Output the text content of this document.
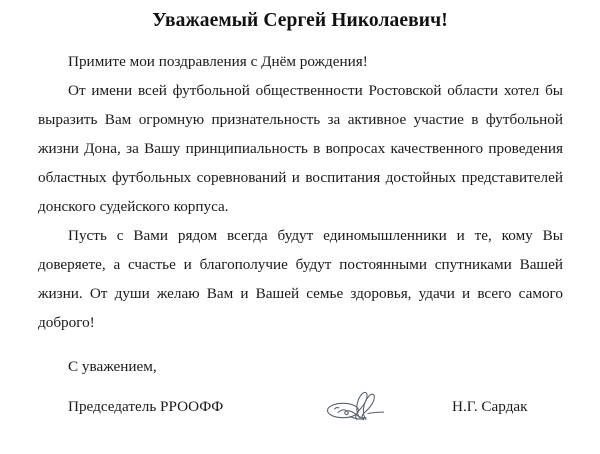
Уважаемый Сергей Николаевич!

Примите мои поздравления с Днём рождения!

От имени всей футбольной общественности Ростовской области хотел бы выразить Вам огромную признательность за активное участие в футбольной жизни Дона, за Вашу принципиальность в вопросах качественного проведения областных футбольных соревнований и воспитания достойных представителей донского судейского корпуса.

Пусть с Вами рядом всегда будут единомышленники и те, кому Вы доверяете, а счастье и благополучие будут постоянными спутниками Вашей жизни. От души желаю Вам и Вашей семье здоровья, удачи и всего самого доброго!

С уважением,
Председатель РРООФФ	Н.Г. Сардак
